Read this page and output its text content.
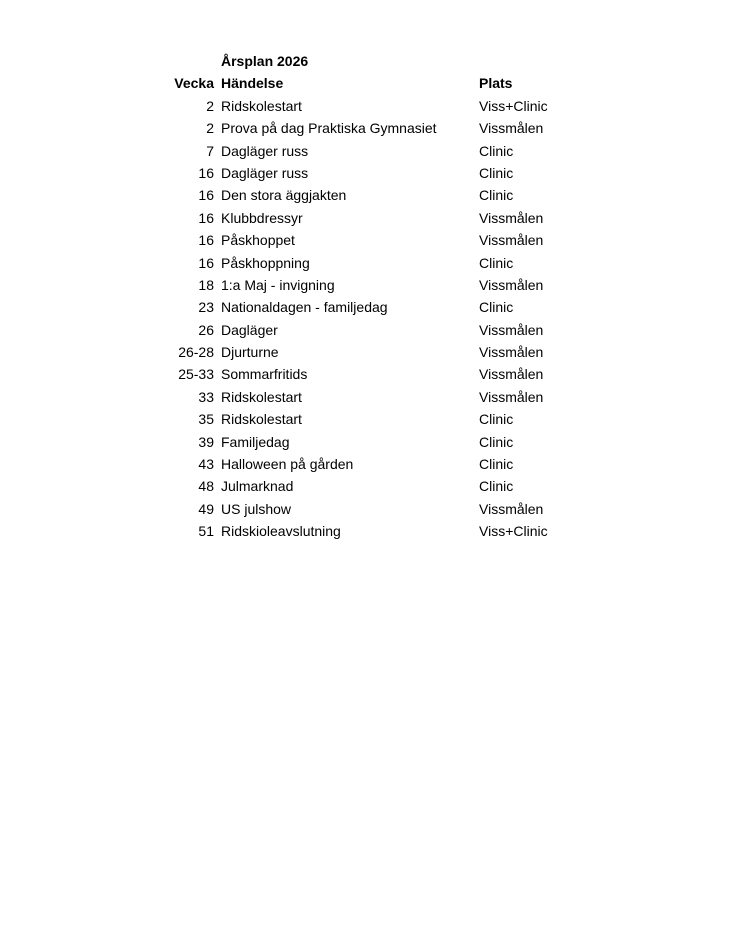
Årsplan 2026
Vecka Händelse	Plats
2 Ridskolestart	Viss+Clinic
2 Prova på dag Praktiska Gymnasiet	Vissmålen
7 Dagläger russ	Clinic
16 Dagläger russ	Clinic
16 Den stora äggjakten	Clinic
16 Klubbdressyr	Vissmålen
16 Påskhoppet	Vissmålen
16 Påskhoppning	Clinic
18 1:a Maj - invigning	Vissmålen
23 Nationaldagen - familjedag	Clinic
26 Dagläger	Vissmålen
26-28 Djurturne	Vissmålen
25-33 Sommarfritids	Vissmålen
33 Ridskolestart	Vissmålen
35 Ridskolestart	Clinic
39 Familjedag	Clinic
43 Halloween på gården	Clinic
48 Julmarknad	Clinic
49 US julshow	Vissmålen
51 Ridskioleavslutning	Viss+Clinic
